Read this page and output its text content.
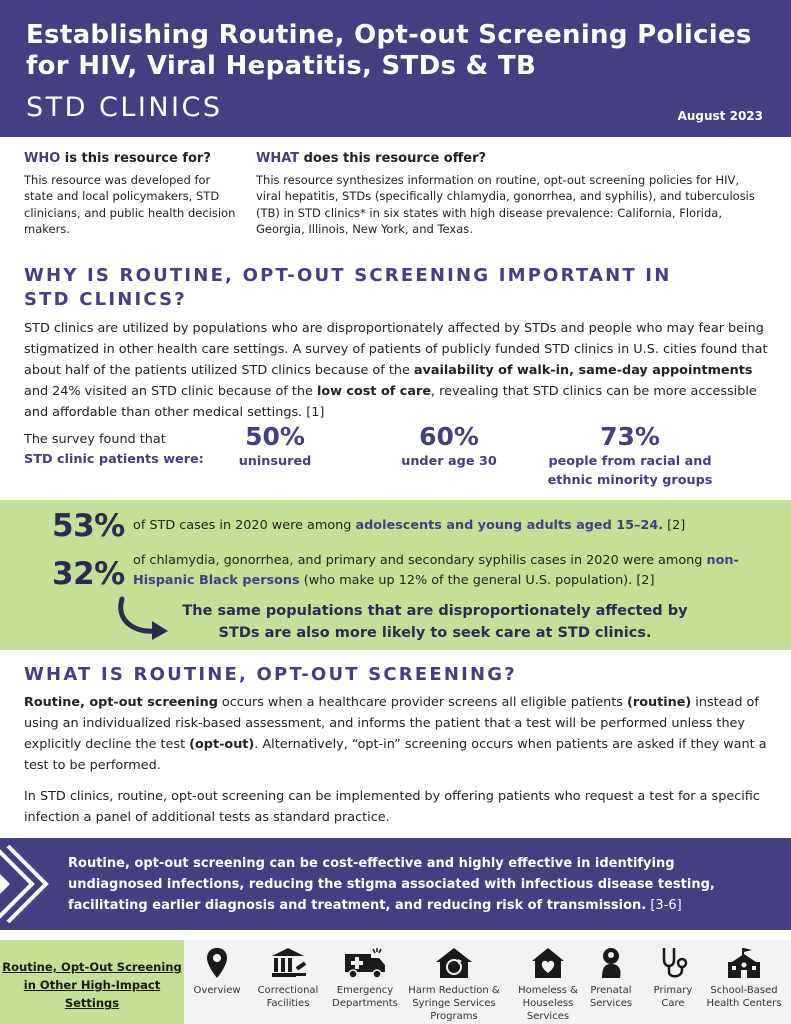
Establishing Routine, Opt-out Screening Policies for HIV, Viral Hepatitis, STDs & TB
STD CLINICS	August 2023
WHO is this resource for?
This resource was developed for state and local policymakers, STD clinicians, and public health decision makers.
WHAT does this resource offer?
This resource synthesizes information on routine, opt-out screening policies for HIV, viral hepatitis, STDs (specifically chlamydia, gonorrhea, and syphilis), and tuberculosis (TB) in STD clinics* in six states with high disease prevalence: California, Florida, Georgia, Illinois, New York, and Texas.
WHY IS ROUTINE, OPT-OUT SCREENING IMPORTANT IN STD CLINICS?
STD clinics are utilized by populations who are disproportionately affected by STDs and people who may fear being stigmatized in other health care settings. A survey of patients of publicly funded STD clinics in U.S. cities found that about half of the patients utilized STD clinics because of the availability of walk-in, same-day appointments and 24% visited an STD clinic because of the low cost of care, revealing that STD clinics can be more accessible and affordable than other medical settings. [1]
The survey found that
STD clinic patients were:
50%
uninsured
60%
under age 30
73%
people from racial and ethnic minority groups
53% of STD cases in 2020 were among adolescents and young adults aged 15–24. [2]
32% of chlamydia, gonorrhea, and primary and secondary syphilis cases in 2020 were among non-Hispanic Black persons (who make up 12% of the general U.S. population). [2]
The same populations that are disproportionately affected by STDs are also more likely to seek care at STD clinics.
WHAT IS ROUTINE, OPT-OUT SCREENING?
Routine, opt-out screening occurs when a healthcare provider screens all eligible patients (routine) instead of using an individualized risk-based assessment, and informs the patient that a test will be performed unless they explicitly decline the test (opt-out). Alternatively, “opt-in” screening occurs when patients are asked if they want a test to be performed.
In STD clinics, routine, opt-out screening can be implemented by offering patients who request a test for a specific infection a panel of additional tests as standard practice.
Routine, opt-out screening can be cost-effective and highly effective in identifying undiagnosed infections, reducing the stigma associated with infectious disease testing, facilitating earlier diagnosis and treatment, and reducing risk of transmission. [3-6]
Routine, Opt-Out Screening in Other High-Impact Settings
Overview	Correctional Facilities
Emergency Departments
Harm Reduction & Syringe Services Programs
Homeless & Houseless Services
Prenatal Services
Primary Care
School-Based Health Centers
